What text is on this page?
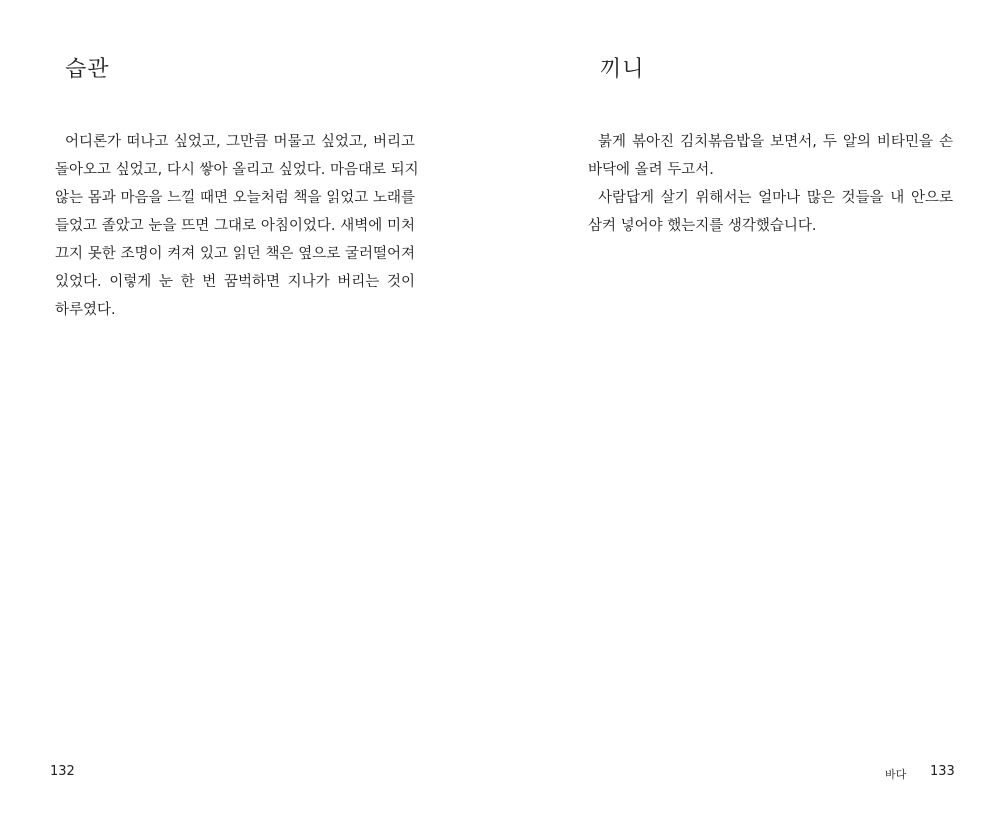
습관
어디론가 떠나고 싶었고, 그만큼 머물고 싶었고, 버리고
돌아오고 싶었고, 다시 쌓아 올리고 싶었다. 마음대로 되지
않는 몸과 마음을 느낄 때면 오늘처럼 책을 읽었고 노래를
들었고 졸았고 눈을 뜨면 그대로 아침이었다. 새벽에 미처
끄지 못한 조명이 켜져 있고 읽던 책은 옆으로 굴러떨어져
있었다. 이렇게 눈 한 번 꿈벅하면 지나가 버리는 것이
하루였다.
132
끼니
붉게 볶아진 김치볶음밥을 보면서, 두 알의 비타민을 손
바닥에 올려 두고서.
사람답게 살기 위해서는 얼마나 많은 것들을 내 안으로
삼켜 넣어야 했는지를 생각했습니다.
바다 133
